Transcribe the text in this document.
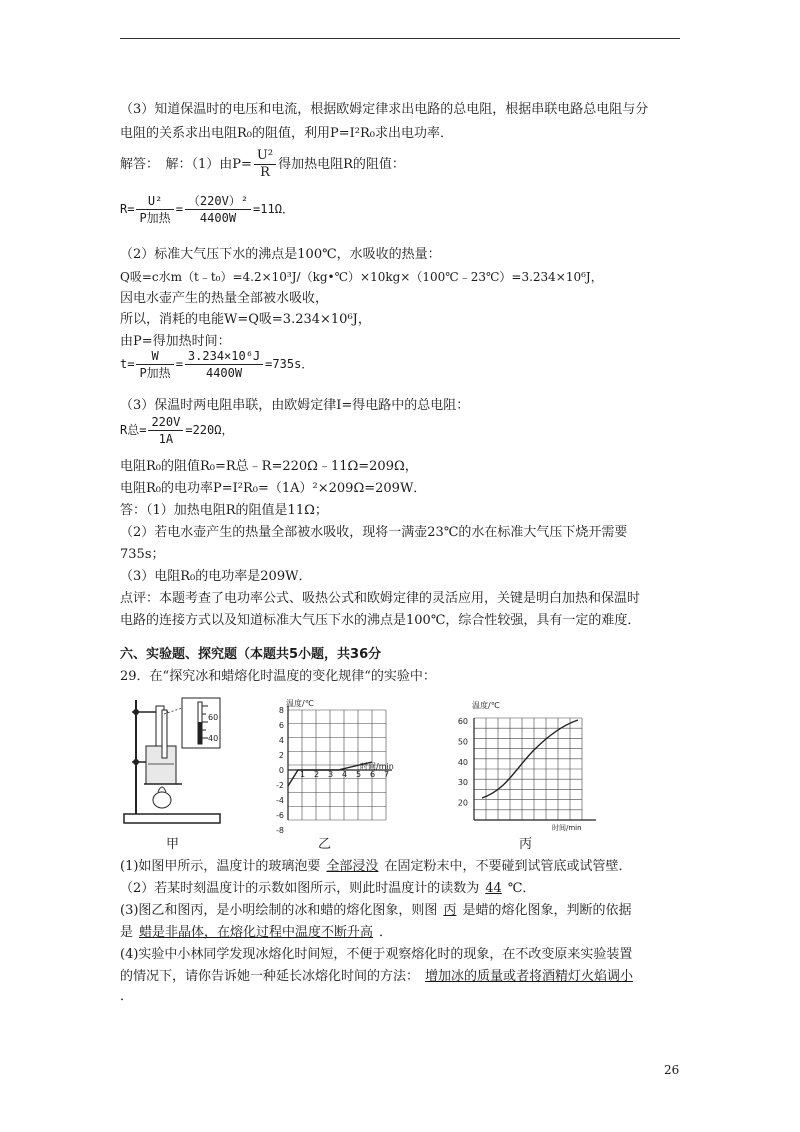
（3）知道保温时的电压和电流，根据欧姆定律求出电路的总电阻，根据串联电路总电阻与分
电阻的关系求出电阻R₀的阻值，利用P=I²R₀求出电功率．
解答：　解：（1）由$P= \frac{\text{U²}}{R}$ 得加热电阻R的阻值：
$R= \frac{\text{U²}}{\text{P加热}} = \frac{\text{（220V）²}}{4400W} =11\Omega$．
（2）标准大气压下水的沸点是100℃，水吸收的热量：
Q吸=c水m（t﹣t₀）=4.2×10³J/（kg•℃）×10kg×（100℃﹣23℃）=3.234×10⁶J，
因电水壶产生的热量全部被水吸收，
所以，消耗的电能W=Q吸=3.234×10⁶J，
由P=得加热时间：
$t= \frac{W}{\text{P加热}} = \frac{\text{3.234×10⁶J}}{4400W} =735s$．
（3）保温时两电阻串联，由欧姆定律I=得电路中的总电阻：
R总= $\frac{220V}{1A} =220\Omega$，
电阻R₀的阻值R₀=R总﹣R=220Ω﹣11Ω=209Ω，
电阻R₀的电功率P=I²R₀=（1A）²×209Ω=209W．
答：（1）加热电阻R的阻值是11Ω；
（2）若电水壶产生的热量全部被水吸收，现将一满壶23℃的水在标准大气压下烧开需要
735s；
（3）电阻R₀的电功率是209W．
点评：本题考查了电功率公式、吸热公式和欧姆定律的灵活应用，关键是明白加热和保温时
电路的连接方式以及知道标准大气压下水的沸点是100℃，综合性较强，具有一定的难度．
六、实验题、探究题（本题共5小题，共36分
29．在“探究冰和蜡熔化时温度的变化规律“的实验中：
60
40
甲
温度/℃
时间/min
8
6
4
2
0
-2
-4
-6
-8
1 2 3 4 5 6 7
乙
温度/℃
时间/min
60
50
40
30
20
丙
(1)如图甲所示，温度计的玻璃泡要 全部浸没 在固定粉末中，不要碰到试管底或试管壁．
（2）若某时刻温度计的示数如图所示，则此时温度计的读数为 44 ℃．
(3)图乙和图丙，是小明绘制的冰和蜡的熔化图象，则图 丙 是蜡的熔化图象，判断的依据
是 蜡是非晶体，在熔化过程中温度不断升高 ．
(4)实验中小林同学发现冰熔化时间短，不便于观察熔化时的现象，在不改变原来实验装置
的情况下，请你告诉她一种延长冰熔化时间的方法： 增加冰的质量或者将酒精灯火焰调小
．
26
